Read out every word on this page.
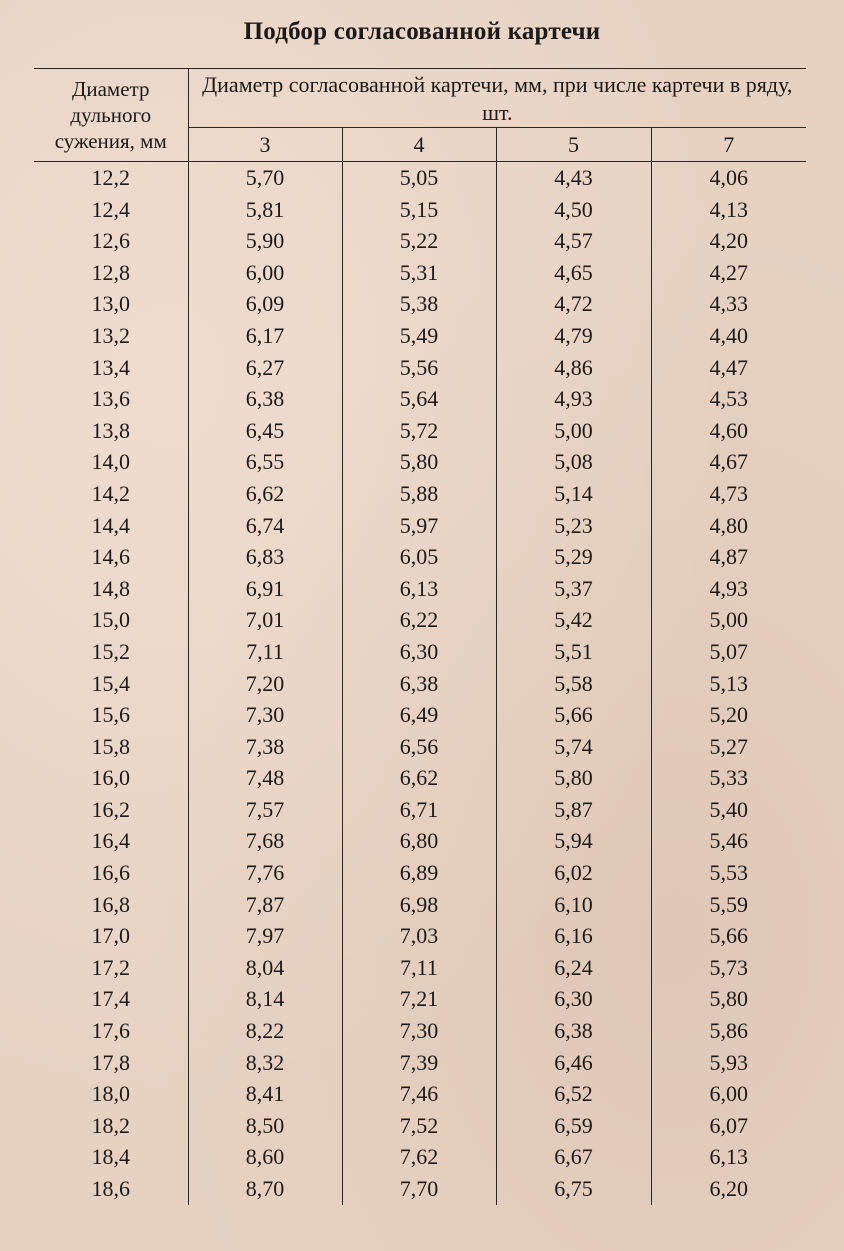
Подбор согласованной картечи
Диаметр дульного сужения, мм	Диаметр согласованной картечи, мм, при числе картечи в ряду, шт.			
	3	4	5	7
12,2	5,70	5,05	4,43	4,06
12,4	5,81	5,15	4,50	4,13
12,6	5,90	5,22	4,57	4,20
12,8	6,00	5,31	4,65	4,27
13,0	6,09	5,38	4,72	4,33
13,2	6,17	5,49	4,79	4,40
13,4	6,27	5,56	4,86	4,47
13,6	6,38	5,64	4,93	4,53
13,8	6,45	5,72	5,00	4,60
14,0	6,55	5,80	5,08	4,67
14,2	6,62	5,88	5,14	4,73
14,4	6,74	5,97	5,23	4,80
14,6	6,83	6,05	5,29	4,87
14,8	6,91	6,13	5,37	4,93
15,0	7,01	6,22	5,42	5,00
15,2	7,11	6,30	5,51	5,07
15,4	7,20	6,38	5,58	5,13
15,6	7,30	6,49	5,66	5,20
15,8	7,38	6,56	5,74	5,27
16,0	7,48	6,62	5,80	5,33
16,2	7,57	6,71	5,87	5,40
16,4	7,68	6,80	5,94	5,46
16,6	7,76	6,89	6,02	5,53
16,8	7,87	6,98	6,10	5,59
17,0	7,97	7,03	6,16	5,66
17,2	8,04	7,11	6,24	5,73
17,4	8,14	7,21	6,30	5,80
17,6	8,22	7,30	6,38	5,86
17,8	8,32	7,39	6,46	5,93
18,0	8,41	7,46	6,52	6,00
18,2	8,50	7,52	6,59	6,07
18,4	8,60	7,62	6,67	6,13
18,6	8,70	7,70	6,75	6,20
